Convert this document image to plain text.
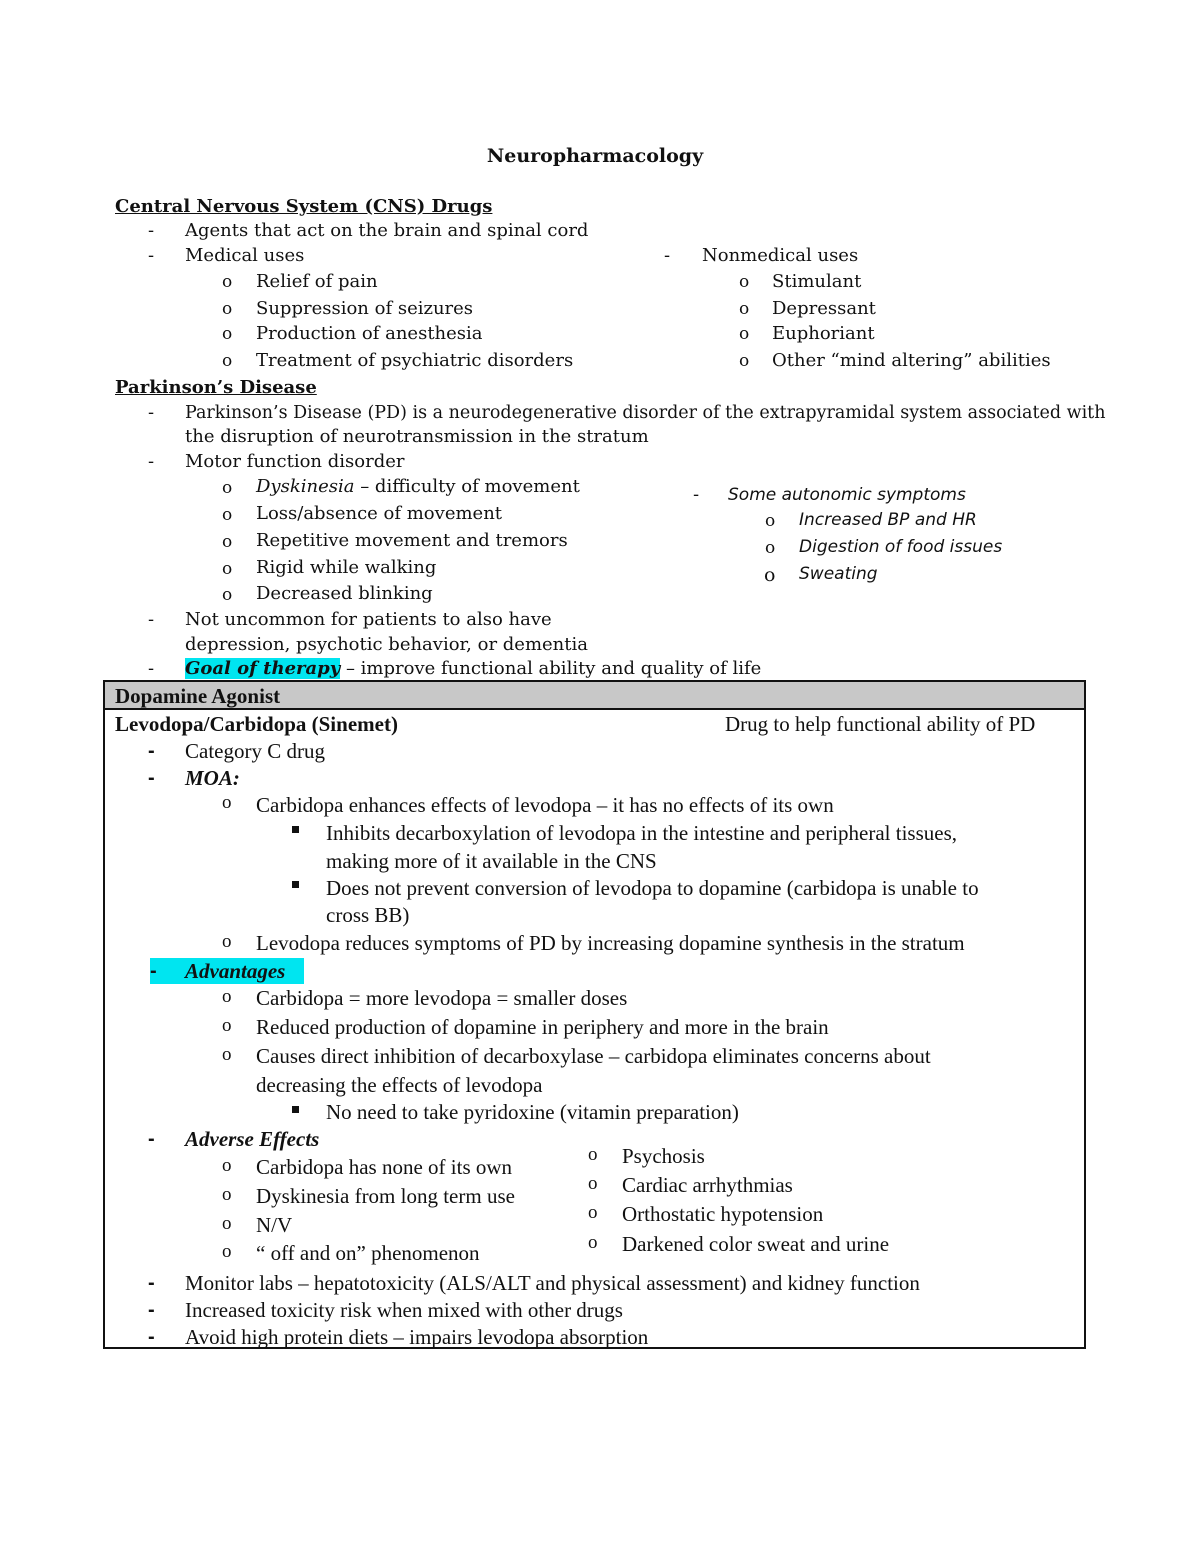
Neuropharmacology
Central Nervous System (CNS) Drugs
- Agents that act on the brain and spinal cord
- Medical uses
o Relief of pain
o Suppression of seizures
o Production of anesthesia
o Treatment of psychiatric disorders
- Nonmedical uses
o Stimulant
o Depressant
o Euphoriant
o Other “mind altering” abilities
Parkinson’s Disease
- Parkinson’s Disease (PD) is a neurodegenerative disorder of the extrapyramidal system associated with
the disruption of neurotransmission in the stratum
- Motor function disorder
o Dyskinesia – difficulty of movement
o Loss/absence of movement
o Repetitive movement and tremors
o Rigid while walking
o Decreased blinking
- Some autonomic symptoms
o Increased BP and HR
o Digestion of food issues
o Sweating
- Not uncommon for patients to also have
depression, psychotic behavior, or dementia
- Goal of therapy – improve functional ability and quality of life
Dopamine Agonist
Levodopa/Carbidopa (Sinemet)	Drug to help functional ability of PD
- Category C drug
- MOA:
o Carbidopa enhances effects of levodopa – it has no effects of its own
Inhibits decarboxylation of levodopa in the intestine and peripheral tissues,
making more of it available in the CNS
Does not prevent conversion of levodopa to dopamine (carbidopa is unable to
cross BB)
o Levodopa reduces symptoms of PD by increasing dopamine synthesis in the stratum
- Advantages
o Carbidopa = more levodopa = smaller doses
o Reduced production of dopamine in periphery and more in the brain
o Causes direct inhibition of decarboxylase – carbidopa eliminates concerns about
decreasing the effects of levodopa
No need to take pyridoxine (vitamin preparation)
- Adverse Effects
o Carbidopa has none of its own
o Dyskinesia from long term use
o N/V
o “ off and on” phenomenon
o Psychosis
o Cardiac arrhythmias
o Orthostatic hypotension
o Darkened color sweat and urine
- Monitor labs – hepatotoxicity (ALS/ALT and physical assessment) and kidney function
- Increased toxicity risk when mixed with other drugs
- Avoid high protein diets – impairs levodopa absorption
